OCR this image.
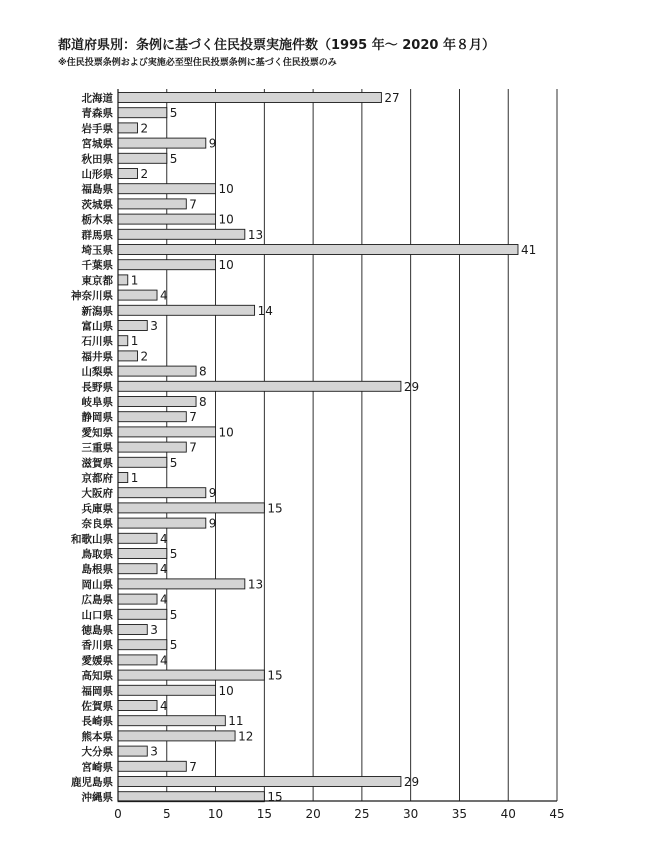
都道府県別：条例に基づく住民投票実施件数（1995 年〜 2020 年８月）
※住民投票条例および実施必至型住民投票条例に基づく住民投票のみ
北海道
青森県
岩手県
宮城県
秋田県
山形県
福島県
茨城県
栃木県
群馬県
埼玉県
千葉県
東京都
神奈川県
新潟県
富山県
石川県
福井県
山梨県
長野県
岐阜県
静岡県
愛知県
三重県
滋賀県
京都府
大阪府
兵庫県
奈良県
和歌山県
鳥取県
島根県
岡山県
広島県
山口県
徳島県
香川県
愛媛県
高知県
福岡県
佐賀県
長崎県
熊本県
大分県
宮崎県
鹿児島県
沖縄県
27
5
2
9
5
2
10
7
10
13
41
10
1
4
14
3
1
2
8
29
8
7
10
7
5
1
9
15
9
4
5
4
13
4
5
3
5
4
15
10
4
11
12
3
7
29
15
0	5	10	15	20	25	30	35	40	45
